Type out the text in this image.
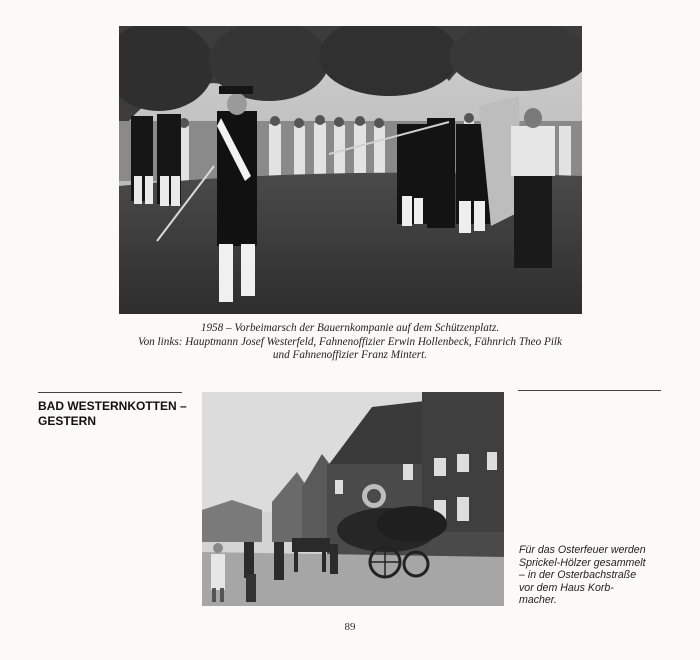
1958 – Vorbeimarsch der Bauernkompanie auf dem Schützenplatz.
Von links: Hauptmann Josef Westerfeld, Fahnenoffizier Erwin Hollenbeck, Fähnrich Theo Pilk
und Fahnenoffizier Franz Mintert.
BAD WESTERNKOTTEN –
GESTERN
Für das Osterfeuer werden
Sprickel-Hölzer gesammelt
– in der Osterbachstraße
vor dem Haus Korb-
macher.
89
